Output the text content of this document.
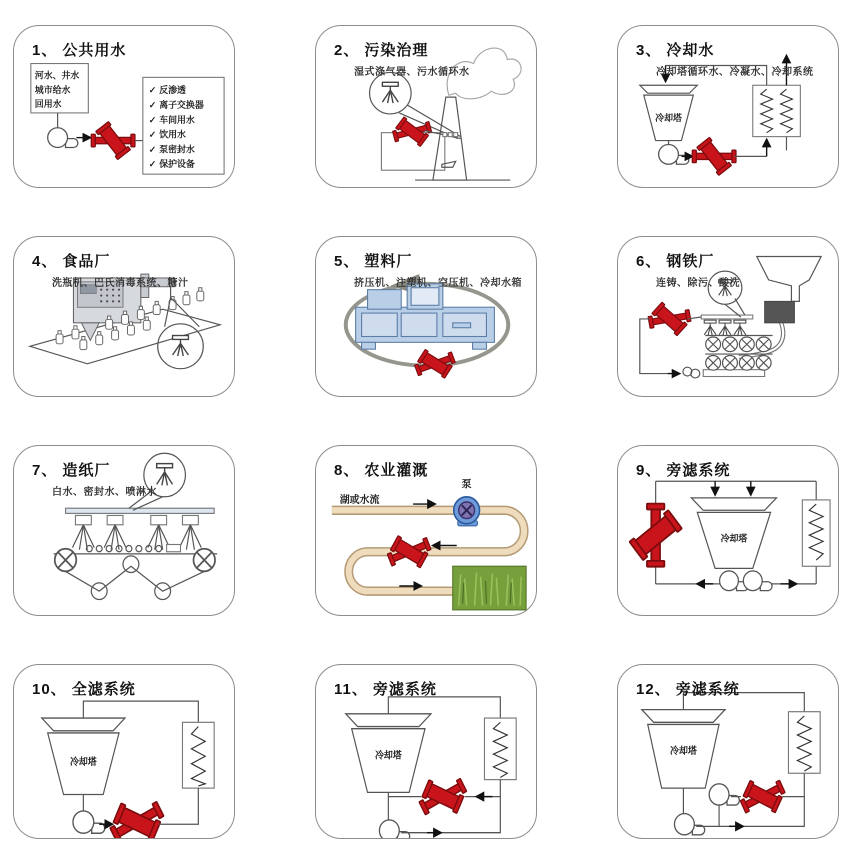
1、 公共用水
河水、井水
城市给水
回用水
✓ 反渗透
✓ 离子交换器
✓ 车间用水
✓ 饮用水
✓ 泵密封水
✓ 保护设备
2、 污染治理
湿式涤气器、污水循环水
3、 冷却水
冷却塔循环水、冷凝水、冷却系统
冷却塔
4、 食品厂
洗瓶机、巴氏消毒系统、糖汁
5、 塑料厂
挤压机、注塑机、空压机、冷却水箱
6、 钢铁厂
连铸、除污、酸洗
7、 造纸厂
白水、密封水、喷淋水
8、 农业灌溉
湖或水流
泵
9、 旁滤系统
冷却塔
10、 全滤系统
冷却塔
11、 旁滤系统
冷却塔
12、 旁滤系统
冷却塔
